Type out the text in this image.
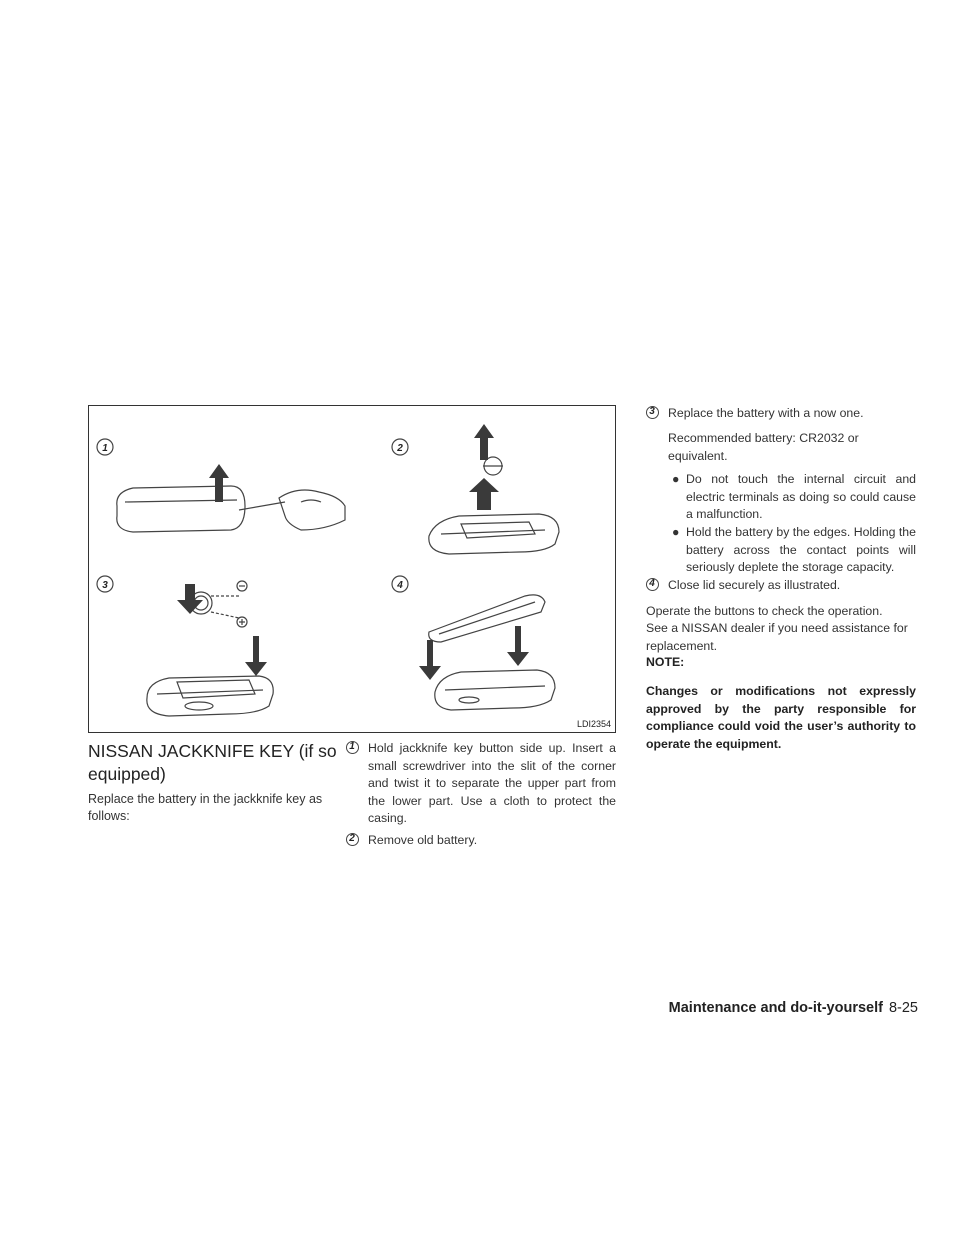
1	2
3	4
LDI2354
NISSAN JACKKNIFE KEY (if so equipped)
Replace the battery in the jackknife key as follows:
1 Hold jackknife key button side up. Insert a small screwdriver into the slit of the corner and twist it to separate the upper part from the lower part. Use a cloth to protect the casing.
2 Remove old battery.
3 Replace the battery with a now one.
Recommended battery: CR2032 or equivalent.
● Do not touch the internal circuit and electric terminals as doing so could cause a malfunction.
● Hold the battery by the edges. Holding the battery across the contact points will seriously deplete the storage capacity.
4 Close lid securely as illustrated.
Operate the buttons to check the operation.
See a NISSAN dealer if you need assistance for replacement.
NOTE:
Changes or modifications not expressly approved by the party responsible for compliance could void the user’s authority to operate the equipment.
Maintenance and do-it-yourself 8-25
